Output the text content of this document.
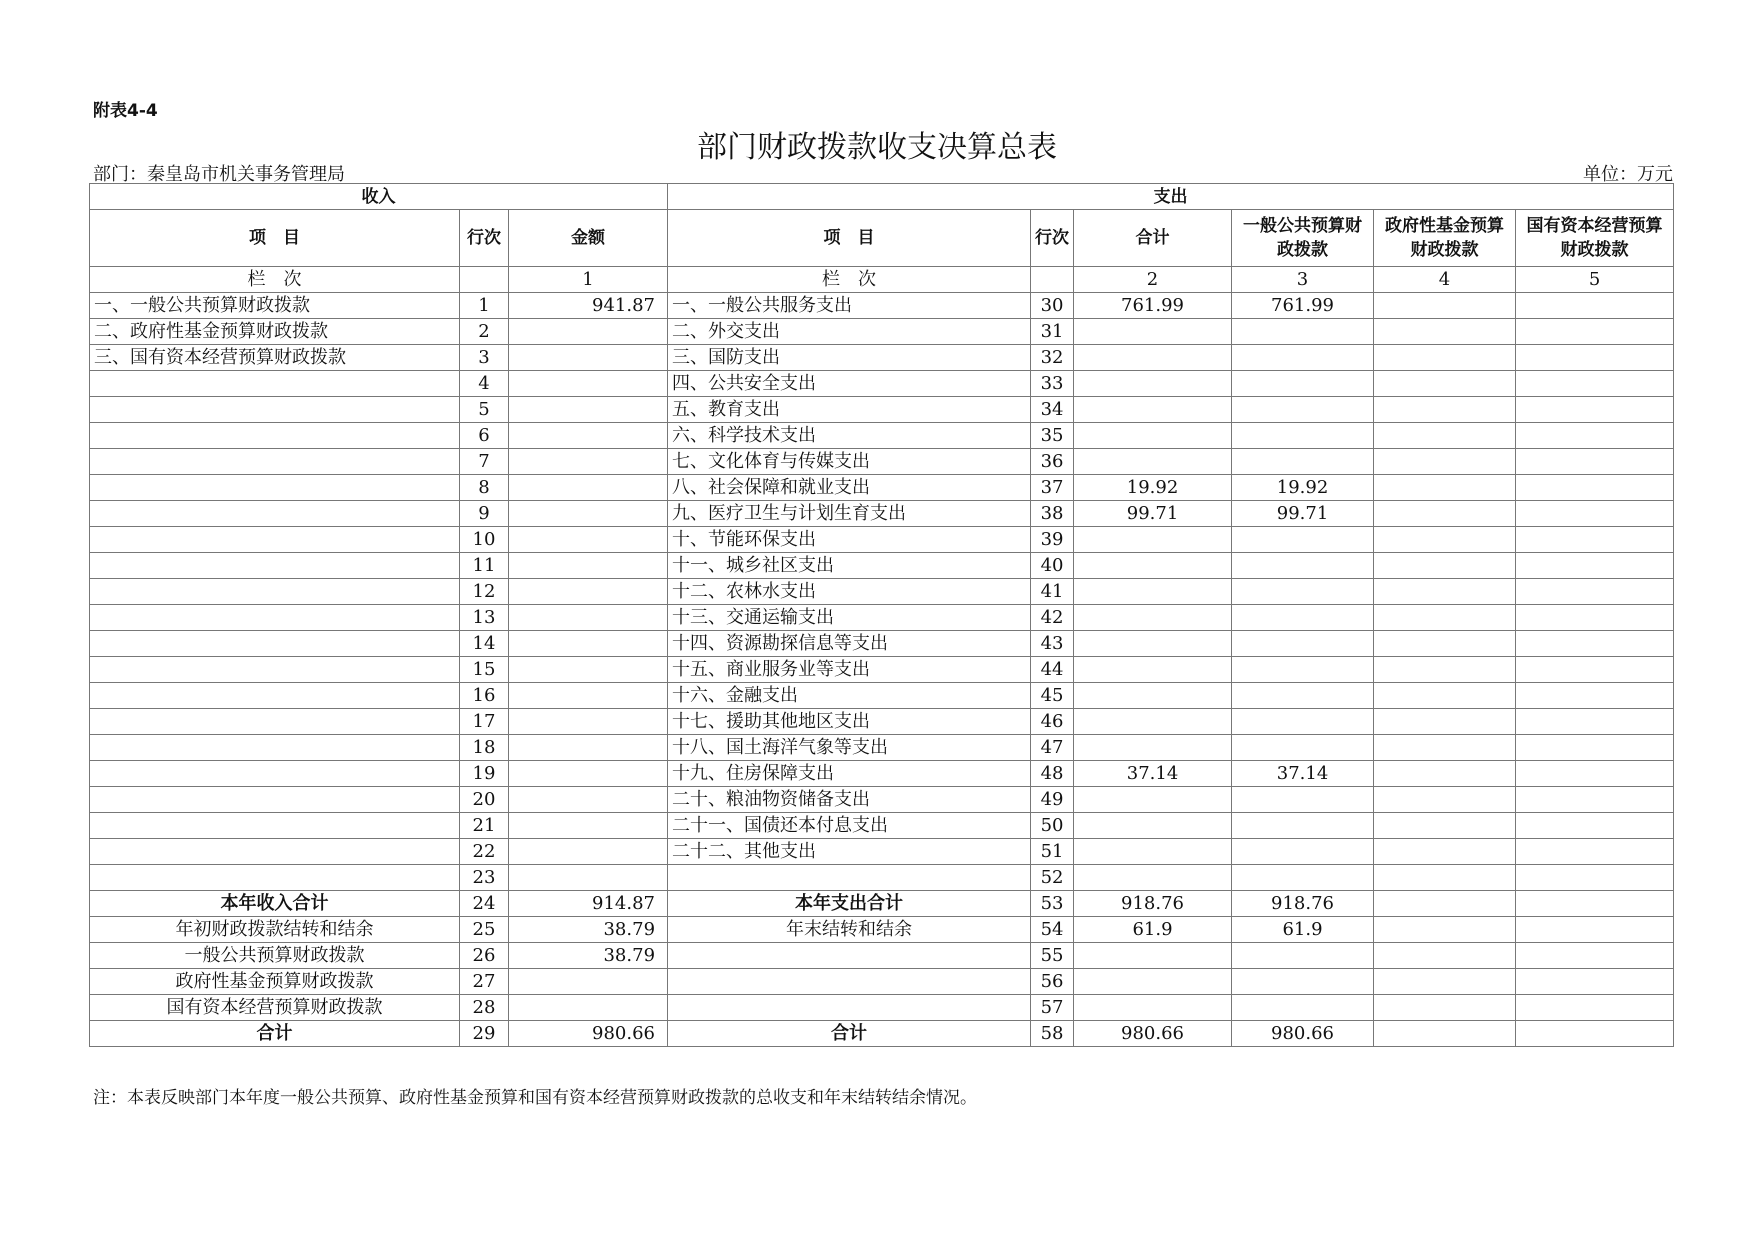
附表4-4
部门财政拨款收支决算总表
部门：秦皇岛市机关事务管理局	单位：万元
收入			支出					
项　目	行次	金额	项　目	行次	合计	一般公共预算财政拨款	政府性基金预算财政拨款	国有资本经营预算财政拨款
栏　次		1	栏　次		2	3	4	5
一、一般公共预算财政拨款	1	941.87	一、一般公共服务支出	30	761.99	761.99		
二、政府性基金预算财政拨款	2		二、外交支出	31				
三、国有资本经营预算财政拨款	3		三、国防支出	32				
	4		四、公共安全支出	33				
	5		五、教育支出	34				
	6		六、科学技术支出	35				
	7		七、文化体育与传媒支出	36				
	8		八、社会保障和就业支出	37	19.92	19.92		
	9		九、医疗卫生与计划生育支出	38	99.71	99.71		
	10		十、节能环保支出	39				
	11		十一、城乡社区支出	40				
	12		十二、农林水支出	41				
	13		十三、交通运输支出	42				
	14		十四、资源勘探信息等支出	43				
	15		十五、商业服务业等支出	44				
	16		十六、金融支出	45				
	17		十七、援助其他地区支出	46				
	18		十八、国土海洋气象等支出	47				
	19		十九、住房保障支出	48	37.14	37.14		
	20		二十、粮油物资储备支出	49				
	21		二十一、国债还本付息支出	50				
	22		二十二、其他支出	51				
	23			52				
本年收入合计	24	914.87	本年支出合计	53	918.76	918.76		
年初财政拨款结转和结余	25	38.79	年末结转和结余	54	61.9	61.9		
一般公共预算财政拨款	26	38.79		55				
政府性基金预算财政拨款	27			56				
国有资本经营预算财政拨款	28			57				
合计	29	980.66	合计	58	980.66	980.66		
注：本表反映部门本年度一般公共预算、政府性基金预算和国有资本经营预算财政拨款的总收支和年末结转结余情况。
